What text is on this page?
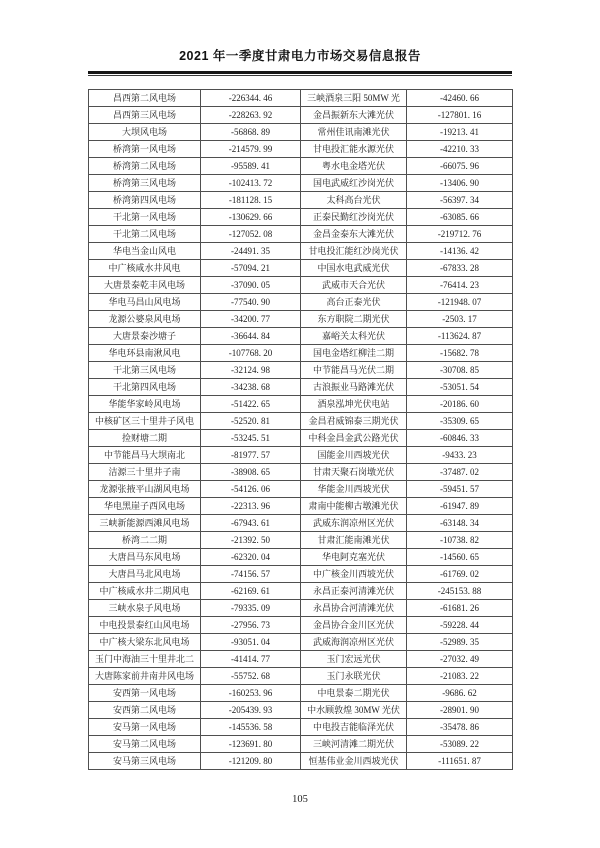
2021 年一季度甘肃电力市场交易信息报告
昌西第二风电场	-226344. 46	三峡酒泉三阳 50MW 光	-42460. 66
昌西第三风电场	-228263. 92	金昌振新东大滩光伏	-127801. 16
大坝风电场	-56868. 89	常州佳讯南滩光伏	-19213. 41
桥湾第一风电场	-214579. 99	甘电投汇能水源光伏	-42210. 33
桥湾第二风电场	-95589. 41	粤水电金塔光伏	-66075. 96
桥湾第三风电场	-102413. 72	国电武威红沙岗光伏	-13406. 90
桥湾第四风电场	-181128. 15	太科高台光伏	-56397. 34
干北第一风电场	-130629. 66	正泰民勤红沙岗光伏	-63085. 66
干北第二风电场	-127052. 08	金昌金泰东大滩光伏	-219712. 76
华电当金山风电	-24491. 35	甘电投汇能红沙岗光伏	-14136. 42
中广核咸水井风电	-57094. 21	中国水电武威光伏	-67833. 28
大唐景泰乾丰风电场	-37090. 05	武威市天合光伏	-76414. 23
华电马昌山风电场	-77540. 90	高台正泰光伏	-121948. 07
龙源公婆泉风电场	-34200. 77	东方职院二期光伏	-2503. 17
大唐景泰沙塘子	-36644. 84	嘉峪关太科光伏	-113624. 87
华电环县南湫风电	-107768. 20	国电金塔红柳洼二期	-15682. 78
干北第三风电场	-32124. 98	中节能昌马光伏二期	-30708. 85
干北第四风电场	-34238. 68	古浪振业马路滩光伏	-53051. 54
华能华家岭风电场	-51422. 65	酒泉泓坤光伏电站	-20186. 60
中核矿区三十里井子风电	-52520. 81	金昌君威锦泰三期光伏	-35309. 65
捡财塘二期	-53245. 51	中科金昌金武公路光伏	-60846. 33
中节能昌马大坝南北	-81977. 57	国能金川西坡光伏	-9433. 23
洁源三十里井子南	-38908. 65	甘肃天聚石岗墩光伏	-37487. 02
龙源张掖平山湖风电场	-54126. 06	华能金川西坡光伏	-59451. 57
华电黑崖子西风电场	-22313. 96	肃南中能柳古墩滩光伏	-61947. 89
三峡新能源西滩风电场	-67943. 61	武威东润凉州区光伏	-63148. 34
桥湾二二期	-21392. 50	甘肃汇能南滩光伏	-10738. 82
大唐昌马东风电场	-62320. 04	华电阿克塞光伏	-14560. 65
大唐昌马北风电场	-74156. 57	中广核金川西坡光伏	-61769. 02
中广核咸水井二期风电	-62169. 61	永昌正泰河清滩光伏	-245153. 88
三峡水泉子风电场	-79335. 09	永昌协合河清滩光伏	-61681. 26
中电投景泰红山风电场	-27956. 73	金昌协合金川区光伏	-59228. 44
中广核大梁东北风电场	-93051. 04	武威海润凉州区光伏	-52989. 35
玉门中海油三十里井北二	-41414. 77	玉门宏远光伏	-27032. 49
大唐陈家前井南井风电场	-55752. 68	玉门永联光伏	-21083. 22
安西第一风电场	-160253. 96	中电景泰二期光伏	-9686. 62
安西第二风电场	-205439. 93	中水顾敦煌 30MW 光伏	-28901. 90
安马第一风电场	-145536. 58	中电投吉能临泽光伏	-35478. 86
安马第二风电场	-123691. 80	三峡河清滩二期光伏	-53089. 22
安马第三风电场	-121209. 80	恒基伟业金川西坡光伏	-111651. 87
105
